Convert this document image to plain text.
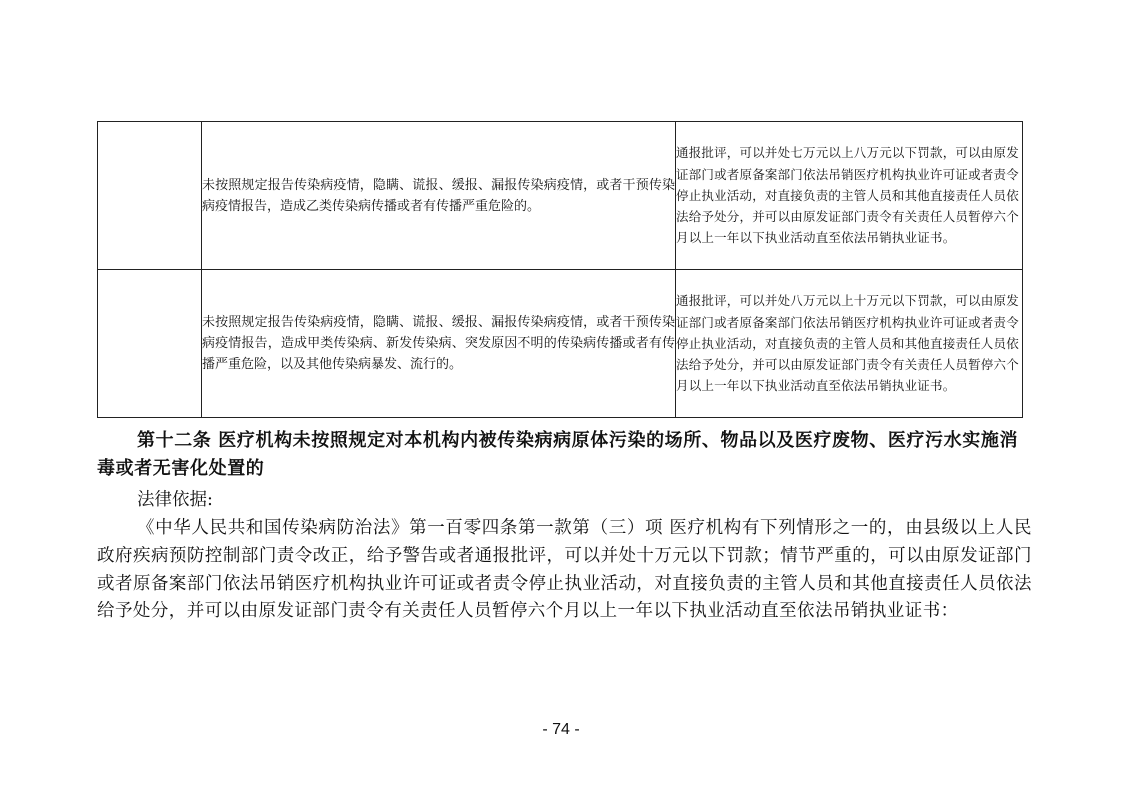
	未按照规定报告传染病疫情，隐瞒、谎报、缓报、漏报传染病疫情，或者干预传染病疫情报告，造成乙类传染病传播或者有传播严重危险的。	通报批评，可以并处七万元以上八万元以下罚款，可以由原发证部门或者原备案部门依法吊销医疗机构执业许可证或者责令停止执业活动，对直接负责的主管人员和其他直接责任人员依法给予处分，并可以由原发证部门责令有关责任人员暂停六个月以上一年以下执业活动直至依法吊销执业证书。
	未按照规定报告传染病疫情，隐瞒、谎报、缓报、漏报传染病疫情，或者干预传染病疫情报告，造成甲类传染病、新发传染病、突发原因不明的传染病传播或者有传播严重危险，以及其他传染病暴发、流行的。	通报批评，可以并处八万元以上十万元以下罚款，可以由原发证部门或者原备案部门依法吊销医疗机构执业许可证或者责令停止执业活动，对直接负责的主管人员和其他直接责任人员依法给予处分，并可以由原发证部门责令有关责任人员暂停六个月以上一年以下执业活动直至依法吊销执业证书。

第十二条 医疗机构未按照规定对本机构内被传染病病原体污染的场所、物品以及医疗废物、医疗污水实施消毒或者无害化处置的

法律依据:

《中华人民共和国传染病防治法》第一百零四条第一款第（三）项 医疗机构有下列情形之一的，由县级以上人民政府疾病预防控制部门责令改正，给予警告或者通报批评，可以并处十万元以下罚款；情节严重的，可以由原发证部门或者原备案部门依法吊销医疗机构执业许可证或者责令停止执业活动，对直接负责的主管人员和其他直接责任人员依法给予处分，并可以由原发证部门责令有关责任人员暂停六个月以上一年以下执业活动直至依法吊销执业证书：

- 74 -
